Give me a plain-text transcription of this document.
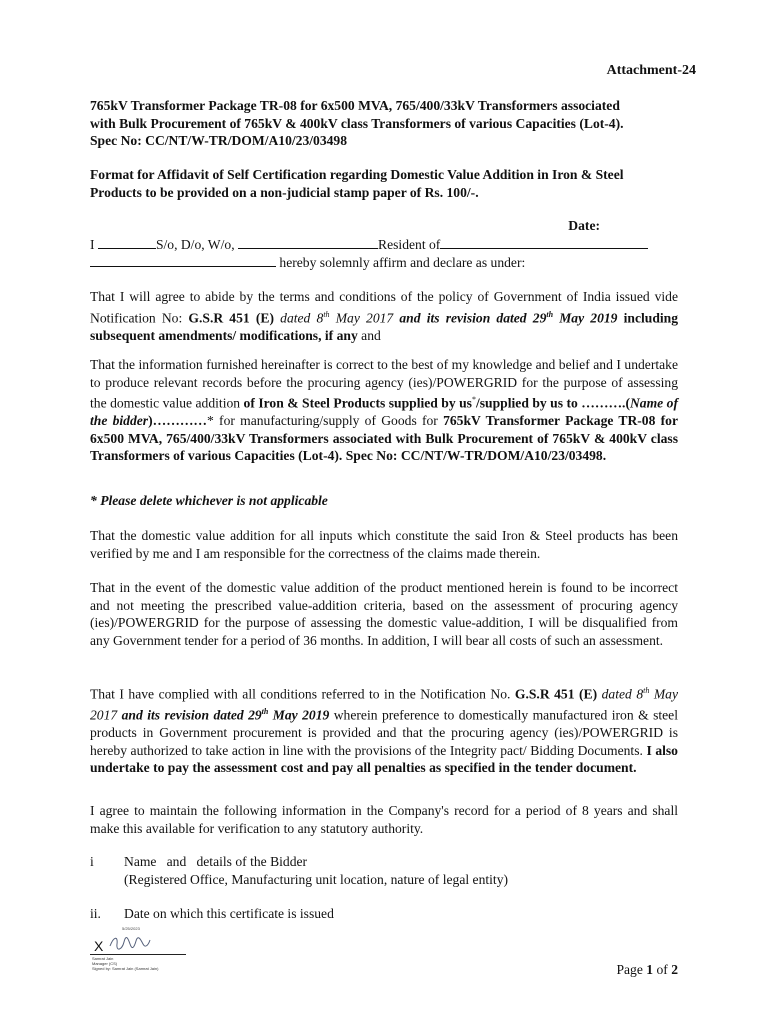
Attachment-24
765kV Transformer Package TR-08 for 6x500 MVA, 765/400/33kV Transformers associated
with Bulk Procurement of 765kV & 400kV class Transformers of various Capacities (Lot-4).
Spec No: CC/NT/W-TR/DOM/A10/23/03498
Format for Affidavit of Self Certification regarding Domestic Value Addition in Iron & Steel
Products to be provided on a non-judicial stamp paper of Rs. 100/-.
Date:
I	S/o, D/o, W/o,	Resident of
hereby solemnly affirm and declare as under:
That I will agree to abide by the terms and conditions of the policy of Government of India issued vide Notification No: G.S.R 451 (E) dated 8th May 2017 and its revision dated 29th May 2019 including subsequent amendments/ modifications, if any and
That the information furnished hereinafter is correct to the best of my knowledge and belief and I undertake to produce relevant records before the procuring agency (ies)/POWERGRID for the purpose of assessing the domestic value addition of Iron & Steel Products supplied by us*/supplied by us to ……….(Name of the bidder)…………* for manufacturing/supply of Goods for 765kV Transformer Package TR-08 for 6x500 MVA, 765/400/33kV Transformers associated with Bulk Procurement of 765kV & 400kV class Transformers of various Capacities (Lot-4). Spec No: CC/NT/W-TR/DOM/A10/23/03498.
* Please delete whichever is not applicable
That the domestic value addition for all inputs which constitute the said Iron & Steel products has been verified by me and I am responsible for the correctness of the claims made therein.
That in the event of the domestic value addition of the product mentioned herein is found to be incorrect and not meeting the prescribed value-addition criteria, based on the assessment of procuring agency (ies)/POWERGRID for the purpose of assessing the domestic value-addition, I will be disqualified from any Government tender for a period of 36 months. In addition, I will bear all costs of such an assessment.
That I have complied with all conditions referred to in the Notification No. G.S.R 451 (E) dated 8th May 2017 and its revision dated 29th May 2019 wherein preference to domestically manufactured iron & steel products in Government procurement is provided and that the procuring agency (ies)/POWERGRID is hereby authorized to take action in line with the provisions of the Integrity pact/ Bidding Documents. I also undertake to pay the assessment cost and pay all penalties as specified in the tender document.
I agree to maintain the following information in the Company's record for a period of 8 years and shall make this available for verification to any statutory authority.
i Name   and   details of the Bidder
(Registered Office, Manufacturing unit location, nature of legal entity)
ii. Date on which this certificate is issued
5/25/2023
X
Samrat Jain
Manager (CS)
Signed by: Samrat Jain (Samrat Jain)	Page 1 of 2
